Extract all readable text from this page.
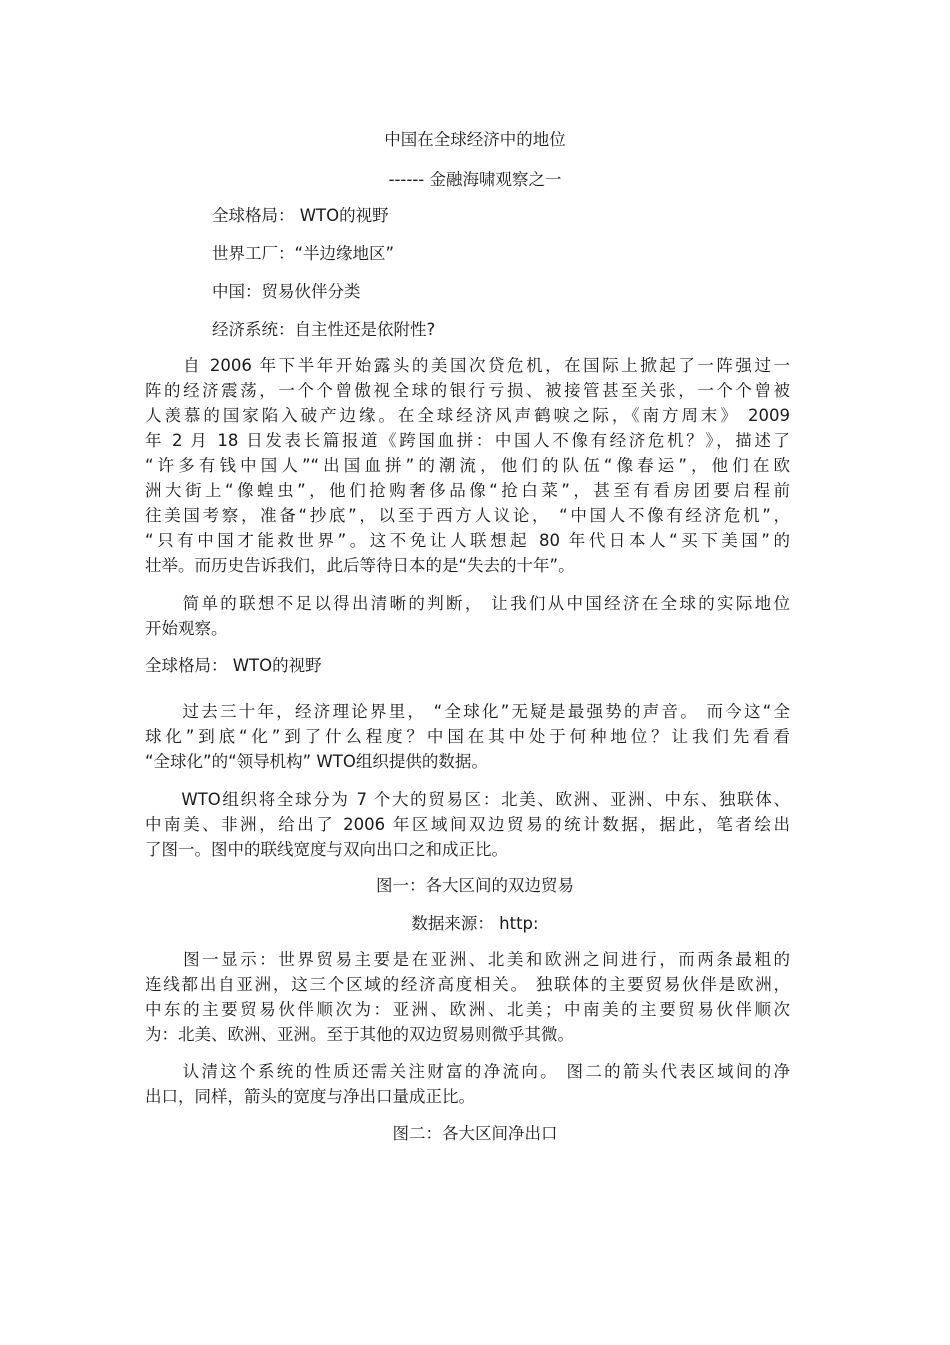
中国在全球经济中的地位
------ 金融海啸观察之一
全球格局： WTO的视野
世界工厂：“半边缘地区”
中国：贸易伙伴分类
经济系统：自主性还是依附性?
　　自 2006 年下半年开始露头的美国次贷危机，在国际上掀起了一阵强过一
阵的经济震荡，一个个曾傲视全球的银行亏损、被接管甚至关张，一个个曾被
人羡慕的国家陷入破产边缘。在全球经济风声鹤唳之际，《南方周末》 2009
年 2 月 18 日发表长篇报道《跨国血拼：中国人不像有经济危机？》，描述了
“许多有钱中国人”“出国血拼”的潮流，他们的队伍“像春运”，他们在欧
洲大街上“像蝗虫”，他们抢购奢侈品像“抢白菜”，甚至有看房团要启程前
往美国考察，准备“抄底”，以至于西方人议论， “中国人不像有经济危机”，
“只有中国才能救世界”。这不免让人联想起 80 年代日本人“买下美国”的
壮举。而历史告诉我们，此后等待日本的是“失去的十年”。
　　简单的联想不足以得出清晰的判断， 让我们从中国经济在全球的实际地位
开始观察。
全球格局： WTO的视野
　　过去三十年，经济理论界里， “全球化”无疑是最强势的声音。 而今这“全
球化”到底“化”到了什么程度？中国在其中处于何种地位？让我们先看看
“全球化”的“领导机构” WTO组织提供的数据。
　　WTO组织将全球分为 7 个大的贸易区：北美、欧洲、亚洲、中东、独联体、
中南美、非洲，给出了 2006 年区域间双边贸易的统计数据，据此，笔者绘出
了图一。图中的联线宽度与双向出口之和成正比。
图一：各大区间的双边贸易
数据来源： http:
　　图一显示：世界贸易主要是在亚洲、北美和欧洲之间进行，而两条最粗的
连线都出自亚洲，这三个区域的经济高度相关。 独联体的主要贸易伙伴是欧洲，
中东的主要贸易伙伴顺次为：亚洲、欧洲、北美；中南美的主要贸易伙伴顺次
为：北美、欧洲、亚洲。至于其他的双边贸易则微乎其微。
　　认清这个系统的性质还需关注财富的净流向。 图二的箭头代表区域间的净
出口，同样，箭头的宽度与净出口量成正比。
图二：各大区间净出口
